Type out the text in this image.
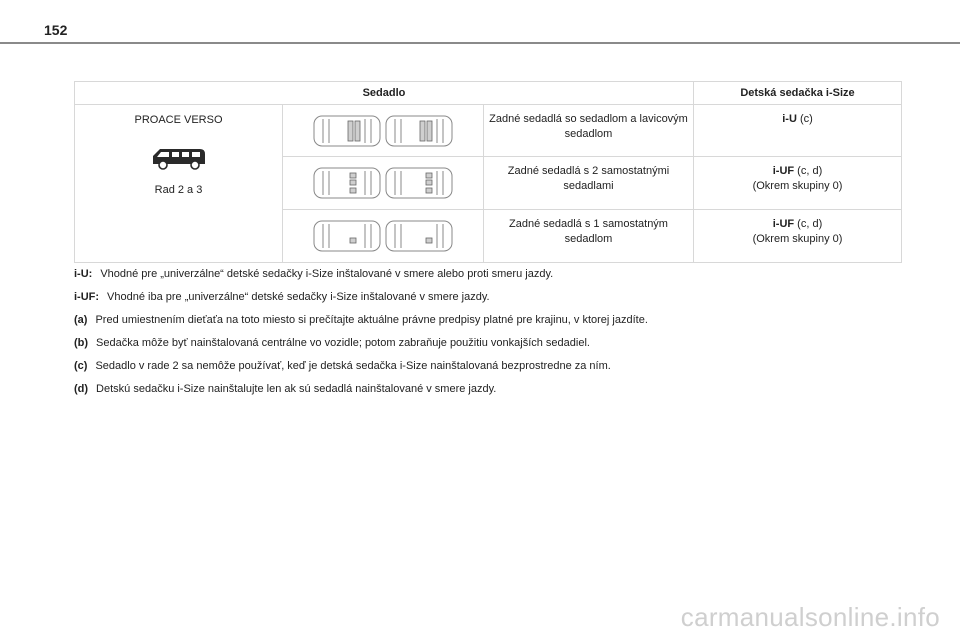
152
Sedadlo			Detská sedačka i-Size

PROACE VERSO
Rad 2 a 3		Zadné sedadlá so sedadlom a lavicovým sedadlom	i-U (c)

	Zadné sedadlá s 2 samostatnými sedadlami	i-UF (c, d)
(Okrem skupiny 0)

	Zadné sedadlá s 1 samostatným sedadlom	i-UF (c, d)
(Okrem skupiny 0)
i-U: Vhodné pre „univerzálne“ detské sedačky i-Size inštalované v smere alebo proti smeru jazdy.
i-UF: Vhodné iba pre „univerzálne“ detské sedačky i-Size inštalované v smere jazdy.
(a) Pred umiestnením dieťaťa na toto miesto si prečítajte aktuálne právne predpisy platné pre krajinu, v ktorej jazdíte.
(b) Sedačka môže byť nainštalovaná centrálne vo vozidle; potom zabraňuje použitiu vonkajších sedadiel.
(c) Sedadlo v rade 2 sa nemôže používať, keď je detská sedačka i-Size nainštalovaná bezprostredne za ním.
(d) Detskú sedačku i-Size nainštalujte len ak sú sedadlá nainštalované v smere jazdy.
carmanualsonline.info
